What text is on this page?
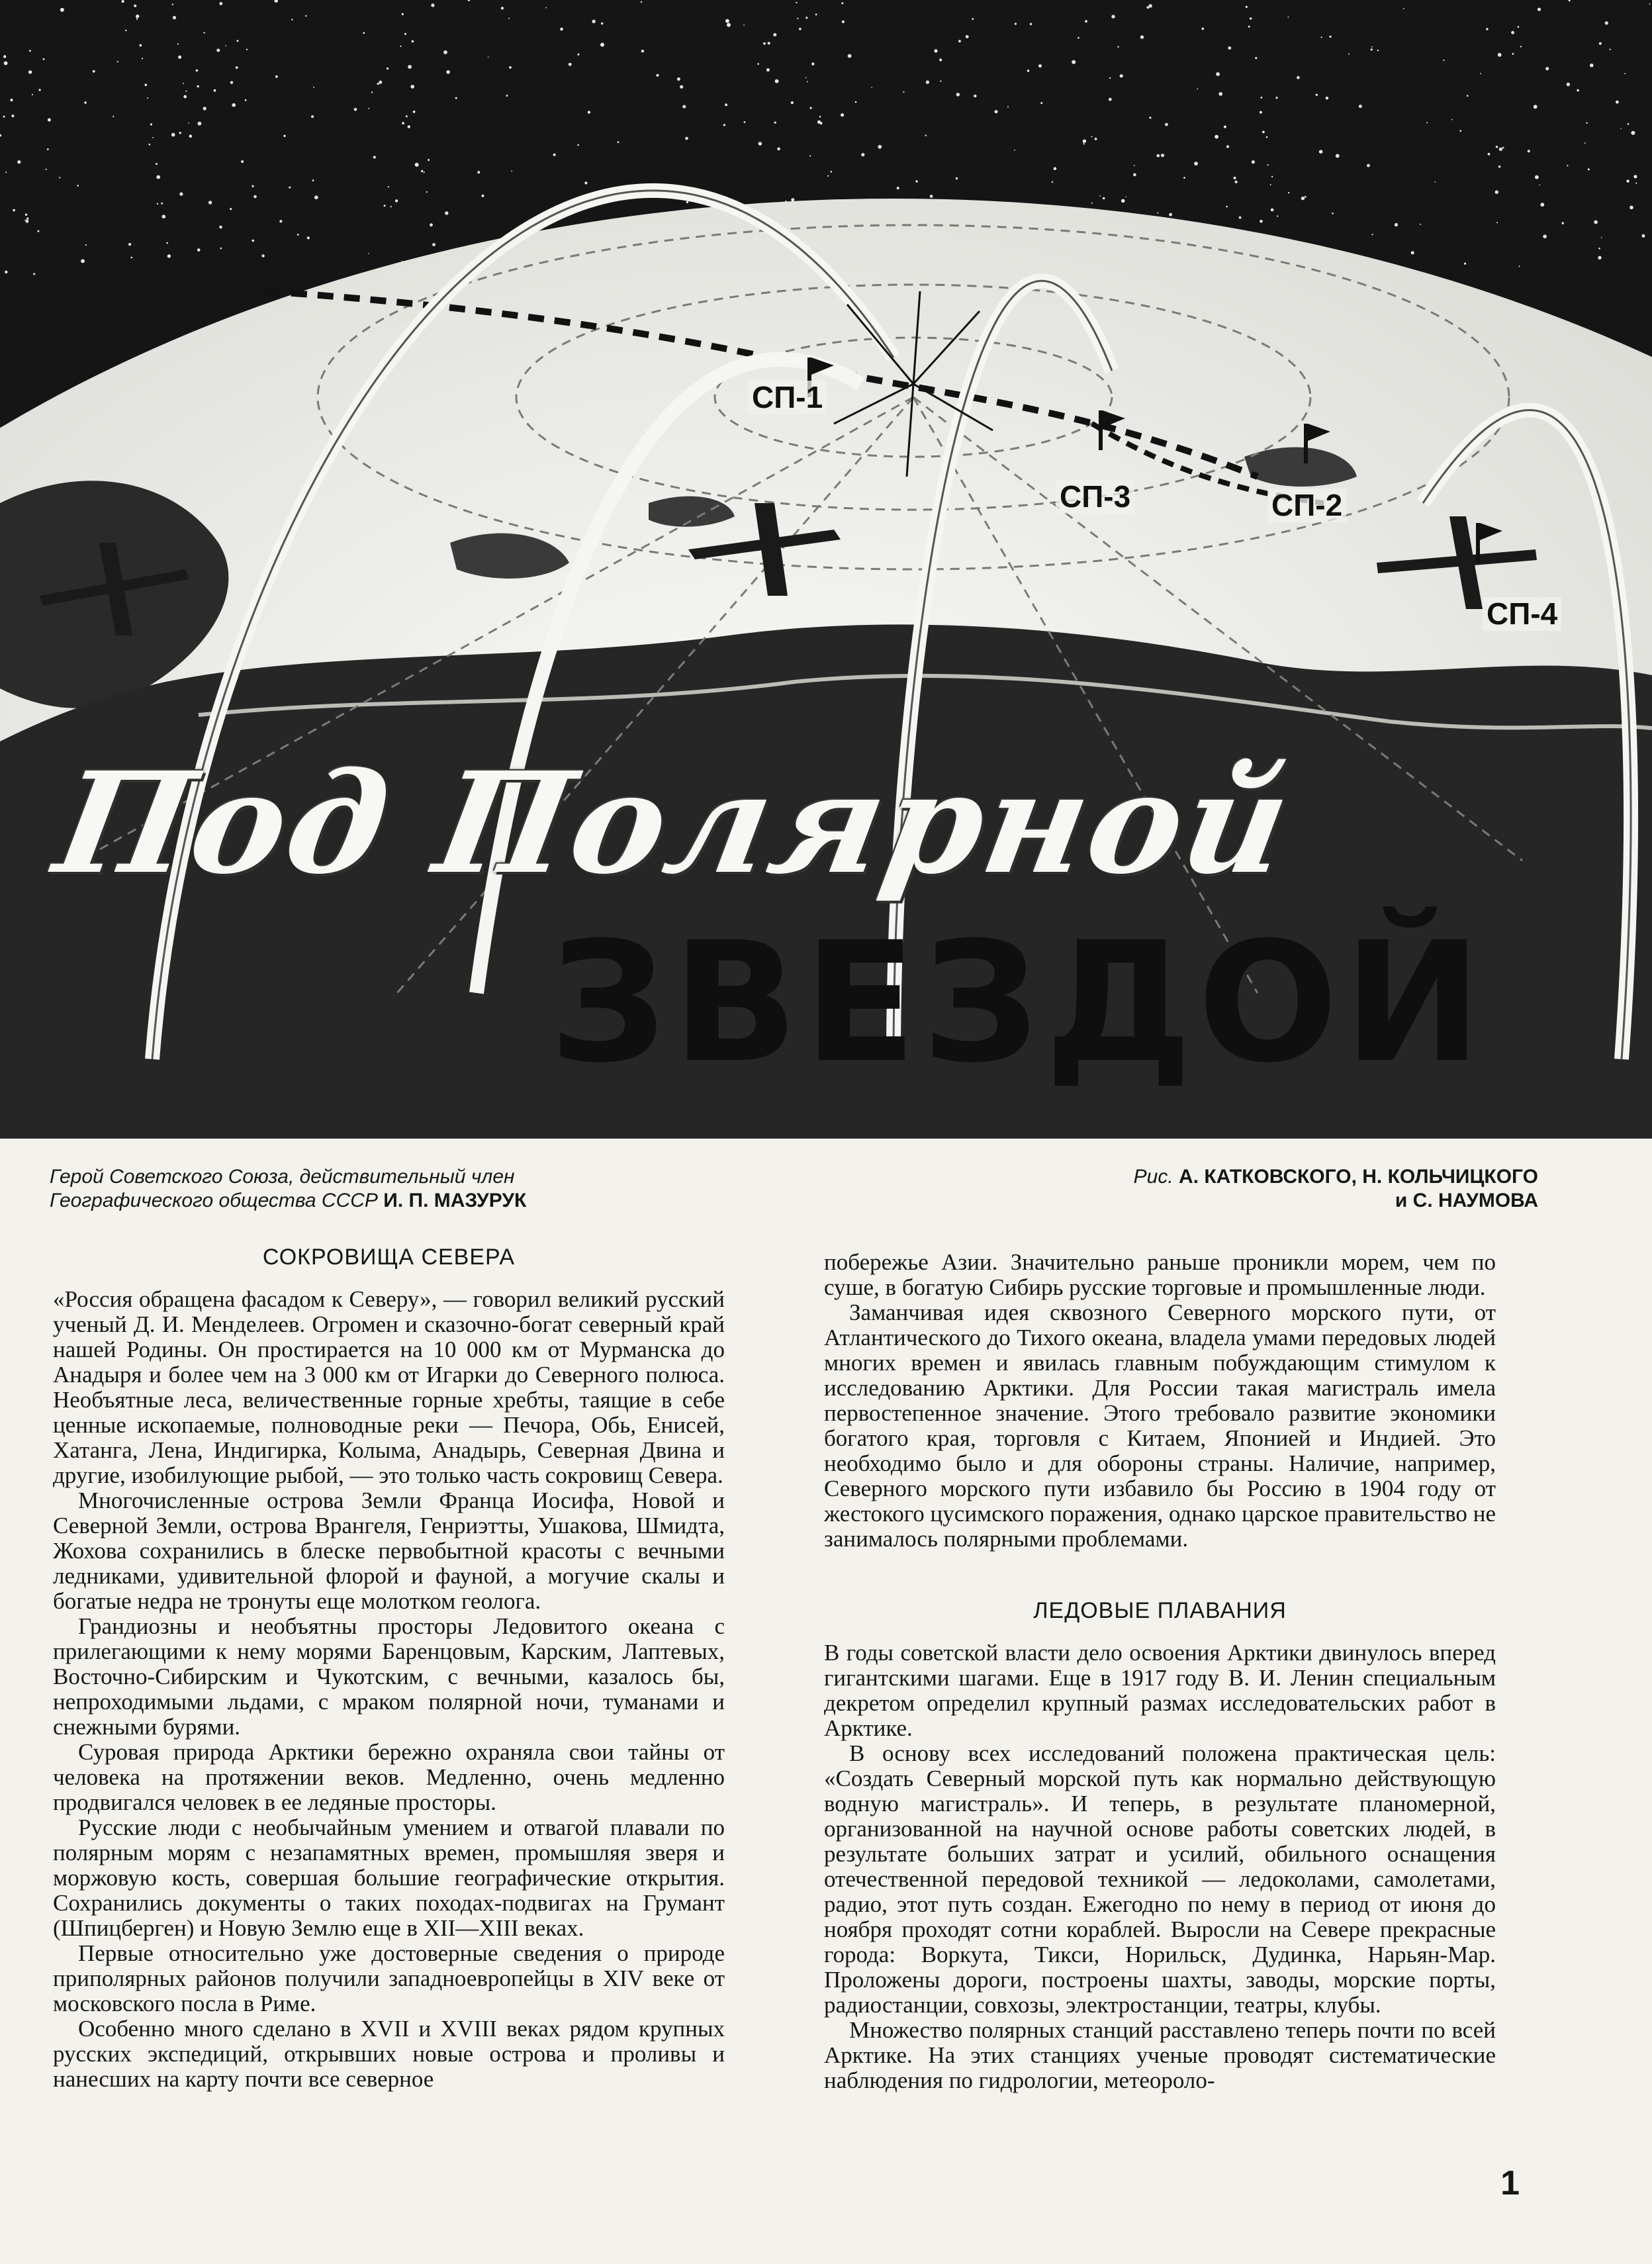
СП-1
СП-3	СП-2
СП-4
Под Полярной
ЗВЕЗДОЙ
Герой Советского Союза, действительный член
Географического общества СССР И. П. МАЗУРУК
Рис. А. КАТКОВСКОГО, Н. КОЛЬЧИЦКОГО
и С. НАУМОВА
СОКРОВИЩА СЕВЕРА

«Россия обращена фасадом к Северу», — говорил великий русский ученый Д. И. Менделеев. Огромен и сказочно-богат северный край нашей Родины. Он простирается на 10 000 км от Мурманска до Анадыря и более чем на 3 000 км от Игарки до Северного полюса. Необъятные леса, величественные горные хребты, таящие в себе ценные ископаемые, полноводные реки — Печора, Обь, Енисей, Хатанга, Лена, Индигирка, Колыма, Анадырь, Северная Двина и другие, изобилующие рыбой, — это только часть сокровищ Севера.

Многочисленные острова Земли Франца Иосифа, Новой и Северной Земли, острова Врангеля, Генриэтты, Ушакова, Шмидта, Жохова сохранились в блеске первобытной красоты с вечными ледниками, удивительной флорой и фауной, а могучие скалы и богатые недра не тронуты еще молотком геолога.

Грандиозны и необъятны просторы Ледовитого океана с прилегающими к нему морями Баренцовым, Карским, Лаптевых, Восточно-Сибирским и Чукотским, с вечными, казалось бы, непроходимыми льдами, с мраком полярной ночи, туманами и снежными бурями.

Суровая природа Арктики бережно охраняла свои тайны от человека на протяжении веков. Медленно, очень медленно продвигался человек в ее ледяные просторы.

Русские люди с необычайным умением и отвагой плавали по полярным морям с незапамятных времен, промышляя зверя и моржовую кость, совершая большие географические открытия. Сохранились документы о таких походах-подвигах на Грумант (Шпицберген) и Новую Землю еще в XII—XIII веках.

Первые относительно уже достоверные сведения о природе приполярных районов получили западноевропейцы в XIV веке от московского посла в Риме.

Особенно много сделано в XVII и XVIII веках рядом крупных русских экспедиций, открывших новые острова и проливы и нанесших на карту почти все северное

побережье Азии. Значительно раньше проникли морем, чем по суше, в богатую Сибирь русские торговые и промышленные люди.

Заманчивая идея сквозного Северного морского пути, от Атлантического до Тихого океана, владела умами передовых людей многих времен и явилась главным побуждающим стимулом к исследованию Арктики. Для России такая магистраль имела первостепенное значение. Этого требовало развитие экономики богатого края, торговля с Китаем, Японией и Индией. Это необходимо было и для обороны страны. Наличие, например, Северного морского пути избавило бы Россию в 1904 году от жестокого цусимского поражения, однако царское правительство не занималось полярными проблемами.

ЛЕДОВЫЕ ПЛАВАНИЯ

В годы советской власти дело освоения Арктики двинулось вперед гигантскими шагами. Еще в 1917 году В. И. Ленин специальным декретом определил крупный размах исследовательских работ в Арктике.

В основу всех исследований положена практическая цель: «Создать Северный морской путь как нормально действующую водную магистраль». И теперь, в результате планомерной, организованной на научной основе работы советских людей, в результате больших затрат и усилий, обильного оснащения отечественной передовой техникой — ледоколами, самолетами, радио, этот путь создан. Ежегодно по нему в период от июня до ноября проходят сотни кораблей. Выросли на Севере прекрасные города: Воркута, Тикси, Норильск, Дудинка, Нарьян-Мар. Проложены дороги, построены шахты, заводы, морские порты, радиостанции, совхозы, электростанции, театры, клубы.

Множество полярных станций расставлено теперь почти по всей Арктике. На этих станциях ученые проводят систематические наблюдения по гидрологии, метеороло-

1
